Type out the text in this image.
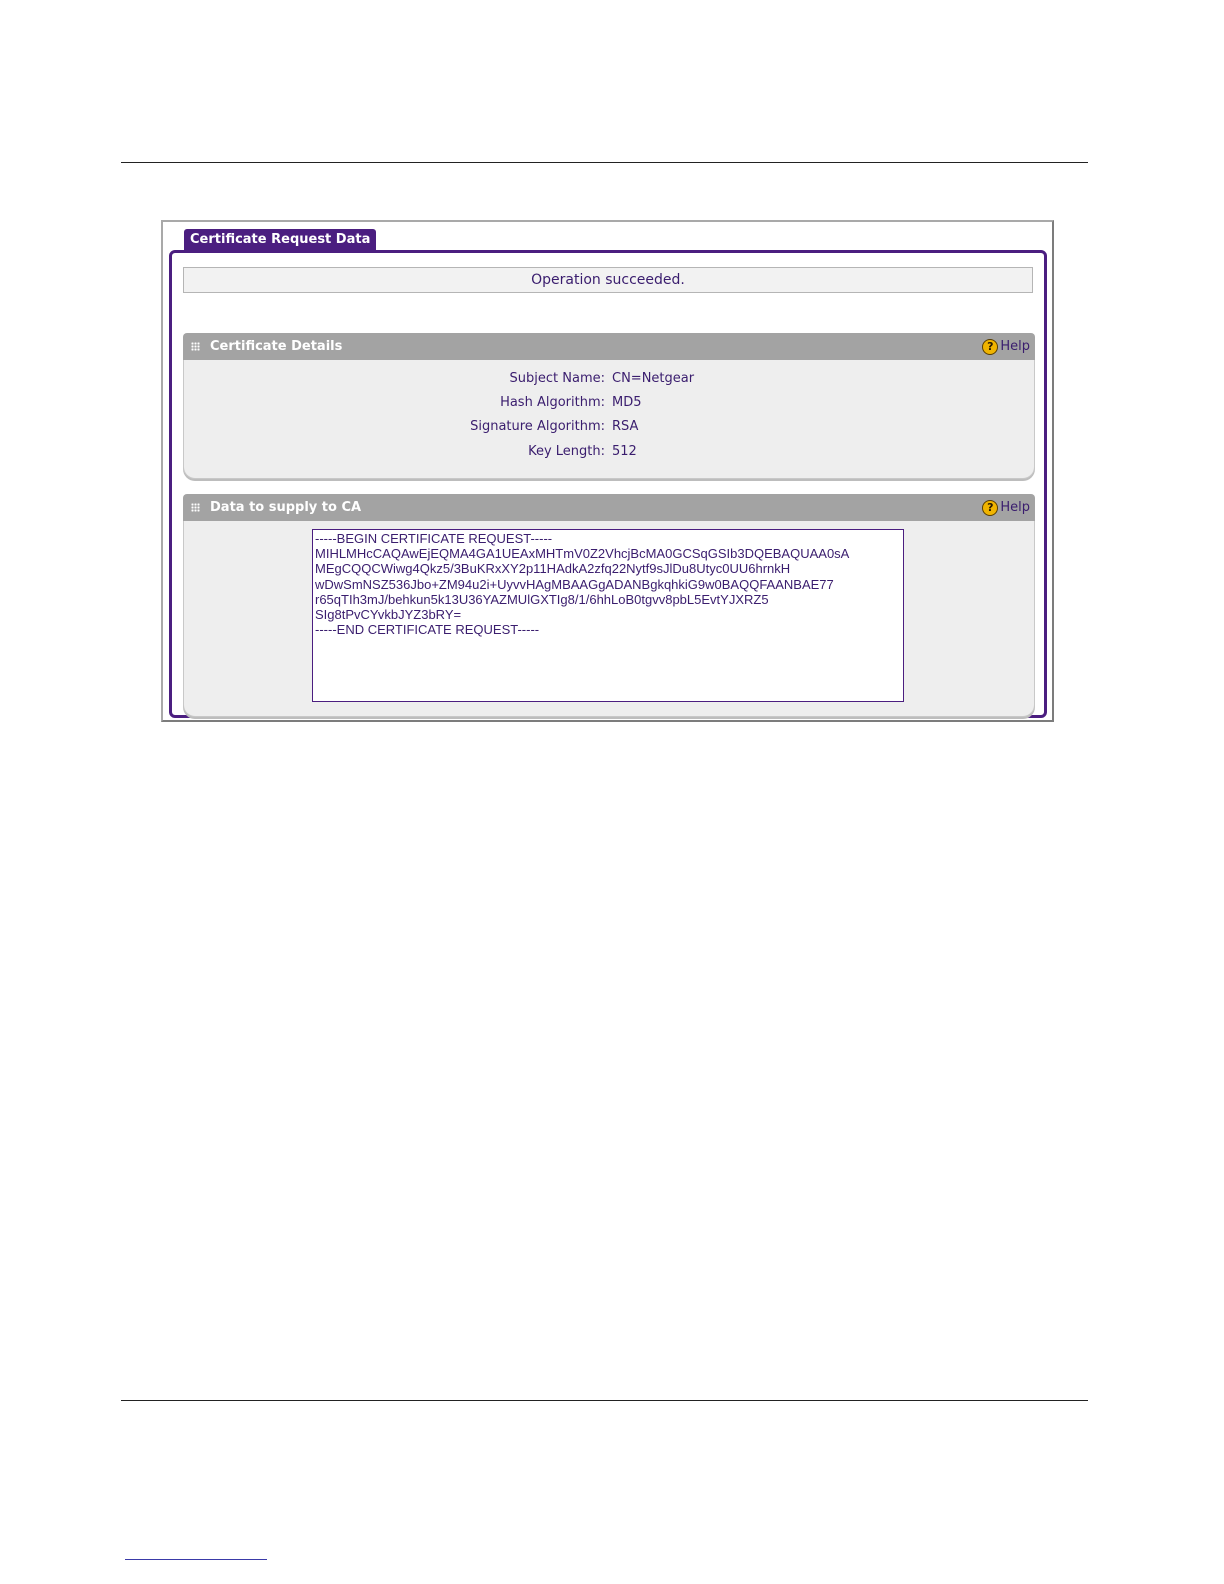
Certificate Request Data
Operation succeeded.
Certificate Details	? Help
Subject Name: CN=Netgear
Hash Algorithm: MD5
Signature Algorithm: RSA
Key Length: 512
Data to supply to CA	? Help
-----BEGIN CERTIFICATE REQUEST-----
MIHLMHcCAQAwEjEQMA4GA1UEAxMHTmV0Z2VhcjBcMA0GCSqGSIb3DQEBAQUAA0sA
MEgCQQCWiwg4Qkz5/3BuKRxXY2p11HAdkA2zfq22Nytf9sJlDu8Utyc0UU6hrnkH
wDwSmNSZ536Jbo+ZM94u2i+UyvvHAgMBAAGgADANBgkqhkiG9w0BAQQFAANBAE77
r65qTIh3mJ/behkun5k13U36YAZMUlGXTIg8/1/6hhLoB0tgvv8pbL5EvtYJXRZ5
SIg8tPvCYvkbJYZ3bRY=
-----END CERTIFICATE REQUEST-----
